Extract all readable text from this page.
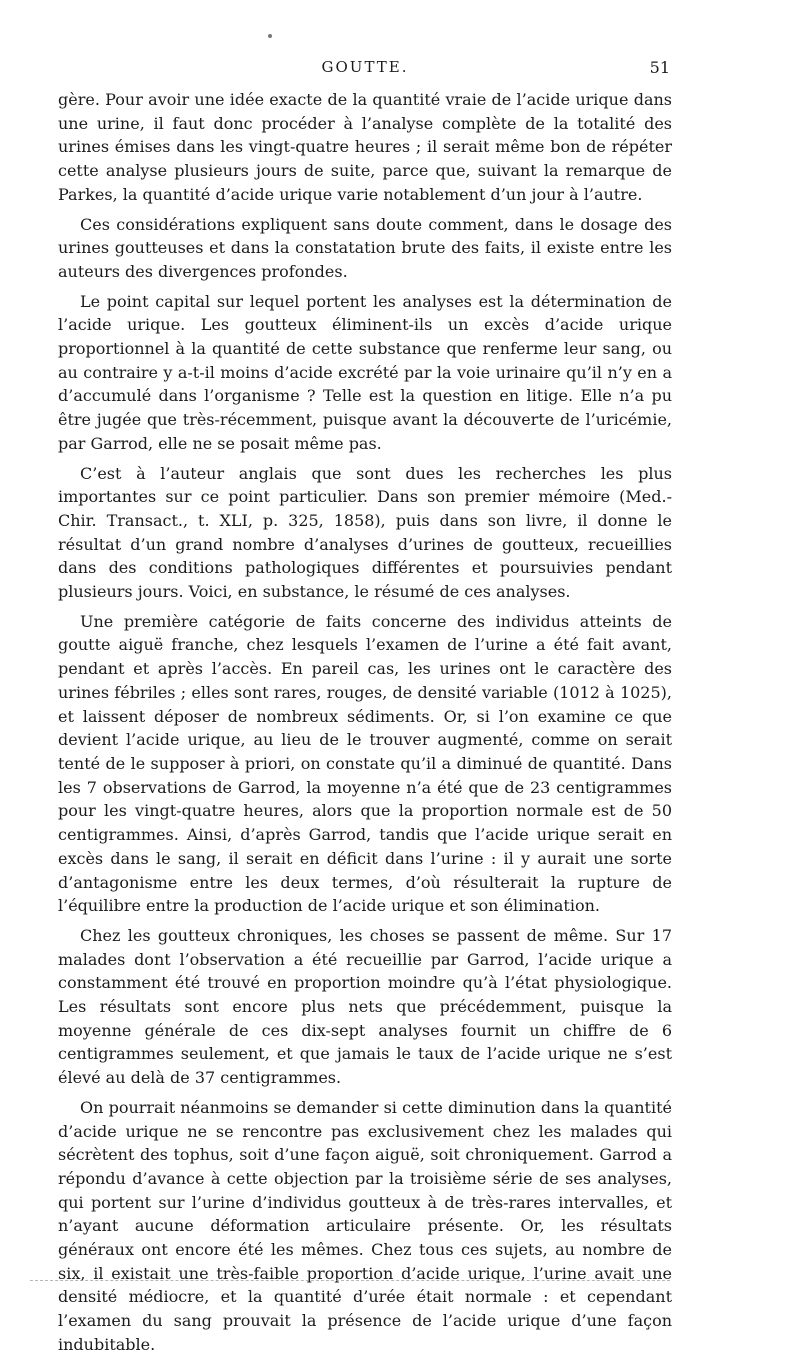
GOUTTE.	51

gère. Pour avoir une idée exacte de la quantité vraie de l’acide urique dans une urine, il faut donc procéder à l’analyse complète de la totalité des urines émises dans les vingt-quatre heures ; il serait même bon de répéter cette analyse plusieurs jours de suite, parce que, suivant la remarque de Parkes, la quantité d’acide urique varie notablement d’un jour à l’autre.

Ces considérations expliquent sans doute comment, dans le dosage des urines goutteuses et dans la constatation brute des faits, il existe entre les auteurs des divergences profondes.

Le point capital sur lequel portent les analyses est la détermination de l’acide urique. Les goutteux éliminent-ils un excès d’acide urique proportionnel à la quantité de cette substance que renferme leur sang, ou au contraire y a-t-il moins d’acide excrété par la voie urinaire qu’il n’y en a d’accumulé dans l’organisme ? Telle est la question en litige. Elle n’a pu être jugée que très-récemment, puisque avant la découverte de l’uricémie, par Garrod, elle ne se posait même pas.

C’est à l’auteur anglais que sont dues les recherches les plus importantes sur ce point particulier. Dans son premier mémoire (Med.-Chir. Transact., t. XLI, p. 325, 1858), puis dans son livre, il donne le résultat d’un grand nombre d’analyses d’urines de goutteux, recueillies dans des conditions pathologiques différentes et poursuivies pendant plusieurs jours. Voici, en substance, le résumé de ces analyses.

Une première catégorie de faits concerne des individus atteints de goutte aiguë franche, chez lesquels l’examen de l’urine a été fait avant, pendant et après l’accès. En pareil cas, les urines ont le caractère des urines fébriles ; elles sont rares, rouges, de densité variable (1012 à 1025), et laissent déposer de nombreux sédiments. Or, si l’on examine ce que devient l’acide urique, au lieu de le trouver augmenté, comme on serait tenté de le supposer à priori, on constate qu’il a diminué de quantité. Dans les 7 observations de Garrod, la moyenne n’a été que de 23 centigrammes pour les vingt-quatre heures, alors que la proportion normale est de 50 centigrammes. Ainsi, d’après Garrod, tandis que l’acide urique serait en excès dans le sang, il serait en déficit dans l’urine : il y aurait une sorte d’antagonisme entre les deux termes, d’où résulterait la rupture de l’équilibre entre la production de l’acide urique et son élimination.

Chez les goutteux chroniques, les choses se passent de même. Sur 17 malades dont l’observation a été recueillie par Garrod, l’acide urique a constamment été trouvé en proportion moindre qu’à l’état physiologique. Les résultats sont encore plus nets que précédemment, puisque la moyenne générale de ces dix-sept analyses fournit un chiffre de 6 centigrammes seulement, et que jamais le taux de l’acide urique ne s’est élevé au delà de 37 centigrammes.

On pourrait néanmoins se demander si cette diminution dans la quantité d’acide urique ne se rencontre pas exclusivement chez les malades qui sécrètent des tophus, soit d’une façon aiguë, soit chroniquement. Garrod a répondu d’avance à cette objection par la troisième série de ses analyses, qui portent sur l’urine d’individus goutteux à de très-rares intervalles, et n’ayant aucune déformation articulaire présente. Or, les résultats généraux ont encore été les mêmes. Chez tous ces sujets, au nombre de six, il existait une très-faible proportion d’acide urique, l’urine avait une densité médiocre, et la quantité d’urée était normale : et cependant l’examen du sang prouvait la présence de l’acide urique d’une façon indubitable.
